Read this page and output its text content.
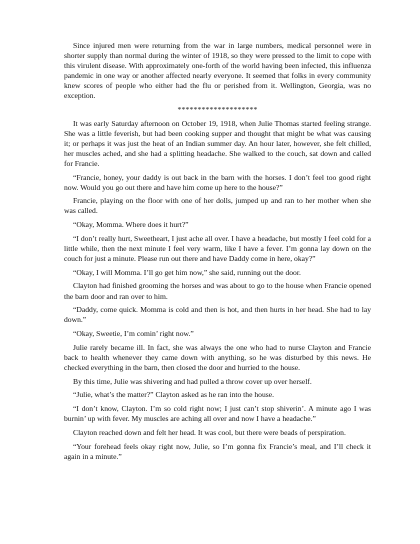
Since injured men were returning from the war in large numbers, medical personnel were in shorter supply than normal during the winter of 1918, so they were pressed to the limit to cope with this virulent disease. With approximately one-forth of the world having been infected, this influenza pandemic in one way or another affected nearly everyone. It seemed that folks in every community knew scores of people who either had the flu or perished from it. Wellington, Georgia, was no exception.

********************

It was early Saturday afternoon on October 19, 1918, when Julie Thomas started feeling strange. She was a little feverish, but had been cooking supper and thought that might be what was causing it; or perhaps it was just the heat of an Indian summer day. An hour later, however, she felt chilled, her muscles ached, and she had a splitting headache. She walked to the couch, sat down and called for Francie.

“Francie, honey, your daddy is out back in the barn with the horses. I don’t feel too good right now. Would you go out there and have him come up here to the house?”

Francie, playing on the floor with one of her dolls, jumped up and ran to her mother when she was called.

“Okay, Momma. Where does it hurt?”

“I don’t really hurt, Sweetheart, I just ache all over. I have a headache, but mostly I feel cold for a little while, then the next minute I feel very warm, like I have a fever. I’m gonna lay down on the couch for just a minute. Please run out there and have Daddy come in here, okay?”

“Okay, I will Momma. I’ll go get him now,” she said, running out the door.

Clayton had finished grooming the horses and was about to go to the house when Francie opened the barn door and ran over to him.

“Daddy, come quick. Momma is cold and then is hot, and then hurts in her head. She had to lay down.”

“Okay, Sweetie, I’m comin’ right now.”

Julie rarely became ill. In fact, she was always the one who had to nurse Clayton and Francie back to health whenever they came down with anything, so he was disturbed by this news. He checked everything in the barn, then closed the door and hurried to the house.

By this time, Julie was shivering and had pulled a throw cover up over herself.

“Julie, what’s the matter?” Clayton asked as he ran into the house.

“I don’t know, Clayton. I’m so cold right now; I just can’t stop shiverin’. A minute ago I was burnin’ up with fever. My muscles are aching all over and now I have a headache.”

Clayton reached down and felt her head. It was cool, but there were beads of perspiration.

“Your forehead feels okay right now, Julie, so I’m gonna fix Francie’s meal, and I’ll check it again in a minute.”
